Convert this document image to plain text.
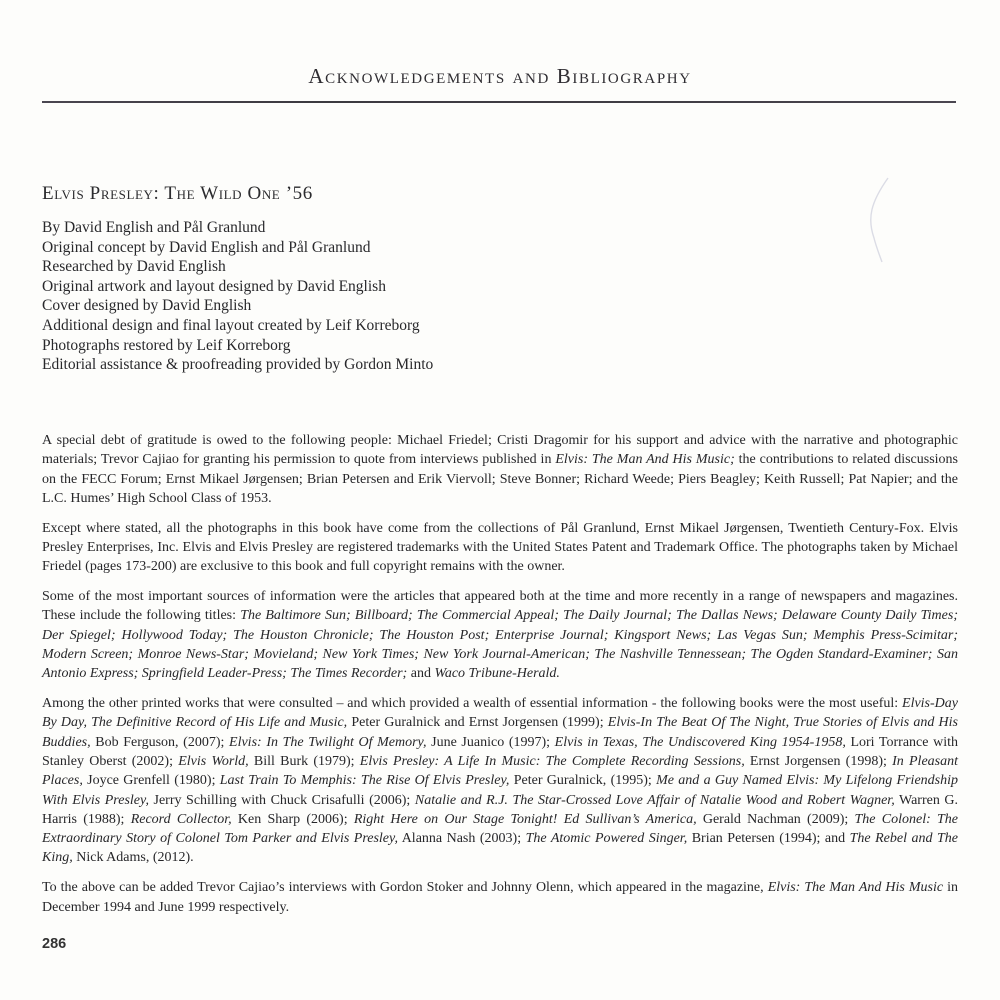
Acknowledgements and Bibliography
Elvis Presley: The Wild One ’56
By David English and Pål Granlund
Original concept by David English and Pål Granlund
Researched by David English
Original artwork and layout designed by David English
Cover designed by David English
Additional design and final layout created by Leif Korreborg
Photographs restored by Leif Korreborg
Editorial assistance & proofreading provided by Gordon Minto

A special debt of gratitude is owed to the following people: Michael Friedel; Cristi Dragomir for his support and advice with the narrative and photographic materials; Trevor Cajiao for granting his permission to quote from interviews published in Elvis: The Man And His Music; the contributions to related discussions on the FECC Forum; Ernst Mikael Jørgensen; Brian Petersen and Erik Viervoll; Steve Bonner; Richard Weede; Piers Beagley; Keith Russell; Pat Napier; and the L.C. Humes’ High School Class of 1953.

Except where stated, all the photographs in this book have come from the collections of Pål Granlund, Ernst Mikael Jørgensen, Twentieth Century-Fox. Elvis Presley Enterprises, Inc. Elvis and Elvis Presley are registered trademarks with the United States Patent and Trademark Office. The photographs taken by Michael Friedel (pages 173-200) are exclusive to this book and full copyright remains with the owner.

Some of the most important sources of information were the articles that appeared both at the time and more recently in a range of newspapers and magazines. These include the following titles: The Baltimore Sun; Billboard; The Commercial Appeal; The Daily Journal; The Dallas News; Delaware County Daily Times; Der Spiegel; Hollywood Today; The Houston Chronicle; The Houston Post; Enterprise Journal; Kingsport News; Las Vegas Sun; Memphis Press-Scimitar; Modern Screen; Monroe News-Star; Movieland; New York Times; New York Journal-American; The Nashville Tennessean; The Ogden Standard-Examiner; San Antonio Express; Springfield Leader-Press; The Times Recorder; and Waco Tribune-Herald.

Among the other printed works that were consulted – and which provided a wealth of essential information - the following books were the most useful: Elvis-Day By Day, The Definitive Record of His Life and Music, Peter Guralnick and Ernst Jorgensen (1999); Elvis-In The Beat Of The Night, True Stories of Elvis and His Buddies, Bob Ferguson, (2007); Elvis: In The Twilight Of Memory, June Juanico (1997); Elvis in Texas, The Undiscovered King 1954-1958, Lori Torrance with Stanley Oberst (2002); Elvis World, Bill Burk (1979); Elvis Presley: A Life In Music: The Complete Recording Sessions, Ernst Jorgensen (1998); In Pleasant Places, Joyce Grenfell (1980); Last Train To Memphis: The Rise Of Elvis Presley, Peter Guralnick, (1995); Me and a Guy Named Elvis: My Lifelong Friendship With Elvis Presley, Jerry Schilling with Chuck Crisafulli (2006); Natalie and R.J. The Star-Crossed Love Affair of Natalie Wood and Robert Wagner, Warren G. Harris (1988); Record Collector, Ken Sharp (2006); Right Here on Our Stage Tonight! Ed Sullivan’s America, Gerald Nachman (2009); The Colonel: The Extraordinary Story of Colonel Tom Parker and Elvis Presley, Alanna Nash (2003); The Atomic Powered Singer, Brian Petersen (1994); and The Rebel and The King, Nick Adams, (2012).

To the above can be added Trevor Cajiao’s interviews with Gordon Stoker and Johnny Olenn, which appeared in the magazine, Elvis: The Man And His Music in December 1994 and June 1999 respectively.

286
